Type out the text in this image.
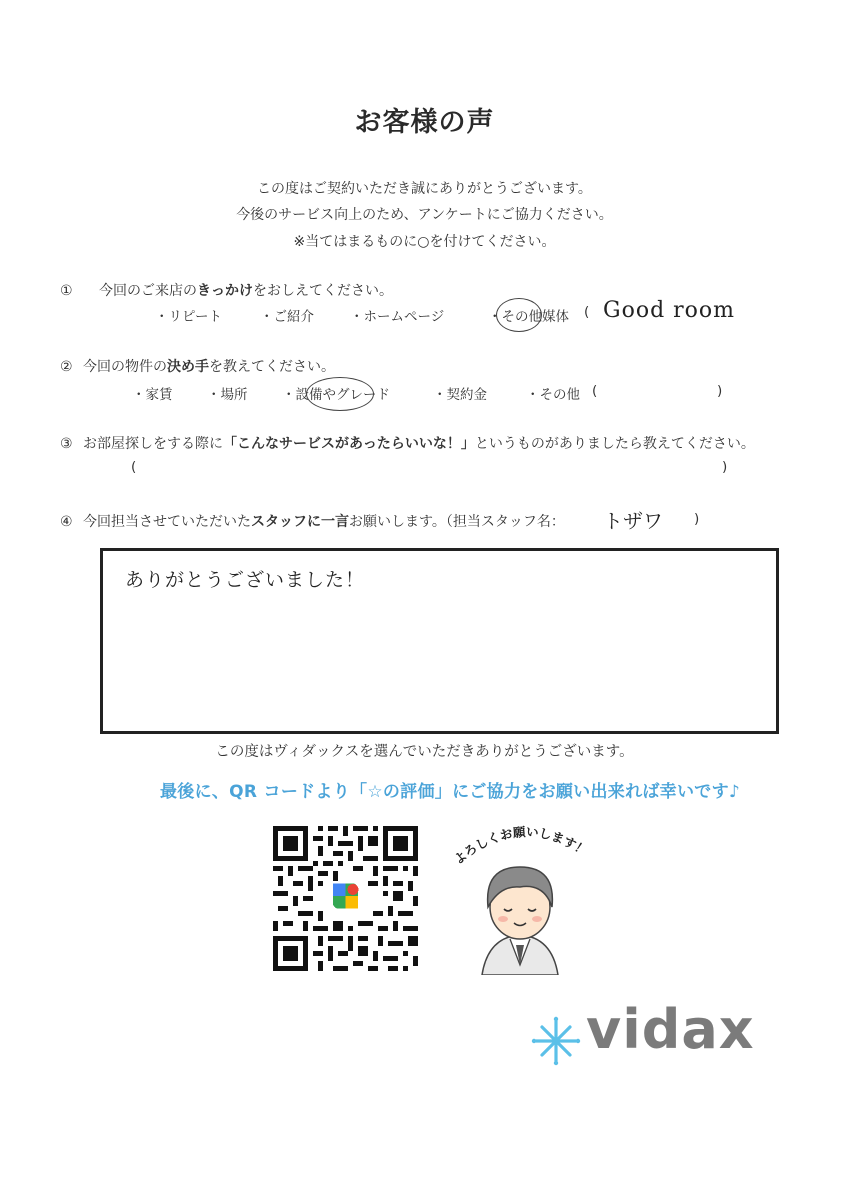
お客様の声
この度はご契約いただき誠にありがとうございます。
今後のサービス向上のため、アンケートにご協力ください。
※当てはまるものに○を付けてください。
① 今回のご来店のきっかけをおしえてください。
・リピート	・ご紹介	・ホームページ	・その他媒体 ( Good room
② 今回の物件の決め手を教えてください。
・家賃	・場所	・設備やグレード	・契約金	・その他 (	)
③ お部屋探しをする際に「こんなサービスがあったらいいな！」というものがありましたら教えてください。
(	)
④ 今回担当させていただいたスタッフに一言お願いします。（担当スタッフ名： トザワ )
ありがとうございました！
この度はヴィダックスを選んでいただきありがとうございます。
最後に、QR コードより「☆の評価」にご協力をお願い出来れば幸いです♪
よろしくお願いします！
vidax
